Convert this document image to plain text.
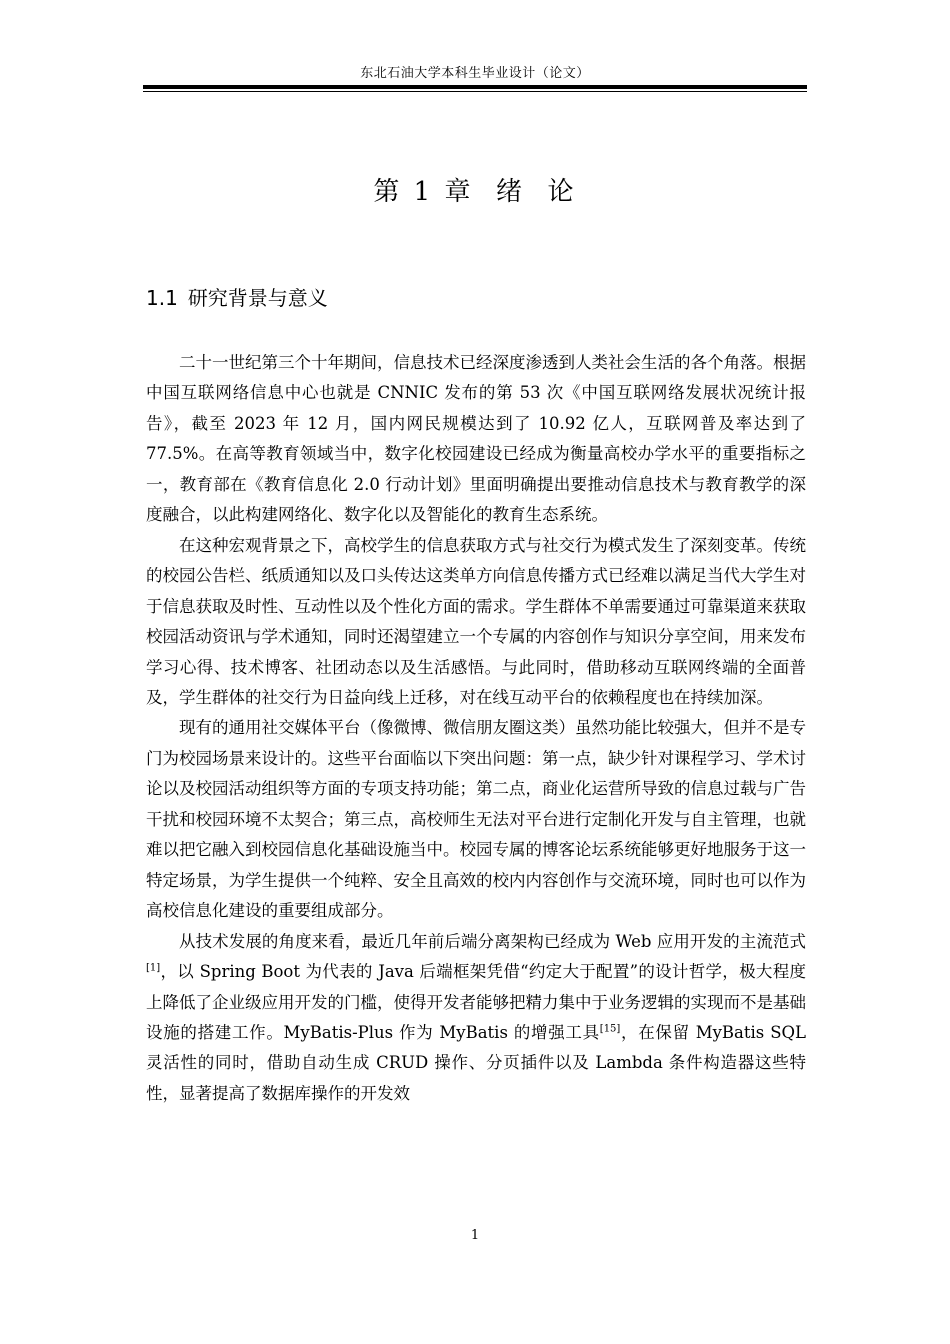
东北石油大学本科生毕业设计（论文）
第 1 章  绪  论
1.1 研究背景与意义

二十一世纪第三个十年期间，信息技术已经深度渗透到人类社会生活的各个角落。根据中国互联网络信息中心也就是 CNNIC 发布的第 53 次《中国互联网络发展状况统计报告》，截至 2023 年 12 月，国内网民规模达到了 10.92 亿人，互联网普及率达到了 77.5%。在高等教育领域当中，数字化校园建设已经成为衡量高校办学水平的重要指标之一，教育部在《教育信息化 2.0 行动计划》里面明确提出要推动信息技术与教育教学的深度融合，以此构建网络化、数字化以及智能化的教育生态系统。

在这种宏观背景之下，高校学生的信息获取方式与社交行为模式发生了深刻变革。传统的校园公告栏、纸质通知以及口头传达这类单方向信息传播方式已经难以满足当代大学生对于信息获取及时性、互动性以及个性化方面的需求。学生群体不单需要通过可靠渠道来获取校园活动资讯与学术通知，同时还渴望建立一个专属的内容创作与知识分享空间，用来发布学习心得、技术博客、社团动态以及生活感悟。与此同时，借助移动互联网终端的全面普及，学生群体的社交行为日益向线上迁移，对在线互动平台的依赖程度也在持续加深。

现有的通用社交媒体平台（像微博、微信朋友圈这类）虽然功能比较强大，但并不是专门为校园场景来设计的。这些平台面临以下突出问题：第一点，缺少针对课程学习、学术讨论以及校园活动组织等方面的专项支持功能；第二点，商业化运营所导致的信息过载与广告干扰和校园环境不太契合；第三点，高校师生无法对平台进行定制化开发与自主管理，也就难以把它融入到校园信息化基础设施当中。校园专属的博客论坛系统能够更好地服务于这一特定场景，为学生提供一个纯粹、安全且高效的校内内容创作与交流环境，同时也可以作为高校信息化建设的重要组成部分。

从技术发展的角度来看，最近几年前后端分离架构已经成为 Web 应用开发的主流范式[1]，以 Spring Boot 为代表的 Java 后端框架凭借“约定大于配置”的设计哲学，极大程度上降低了企业级应用开发的门槛，使得开发者能够把精力集中于业务逻辑的实现而不是基础设施的搭建工作。MyBatis-Plus 作为 MyBatis 的增强工具[15]，在保留 MyBatis SQL 灵活性的同时，借助自动生成 CRUD 操作、分页插件以及 Lambda 条件构造器这些特性，显著提高了数据库操作的开发效

1
